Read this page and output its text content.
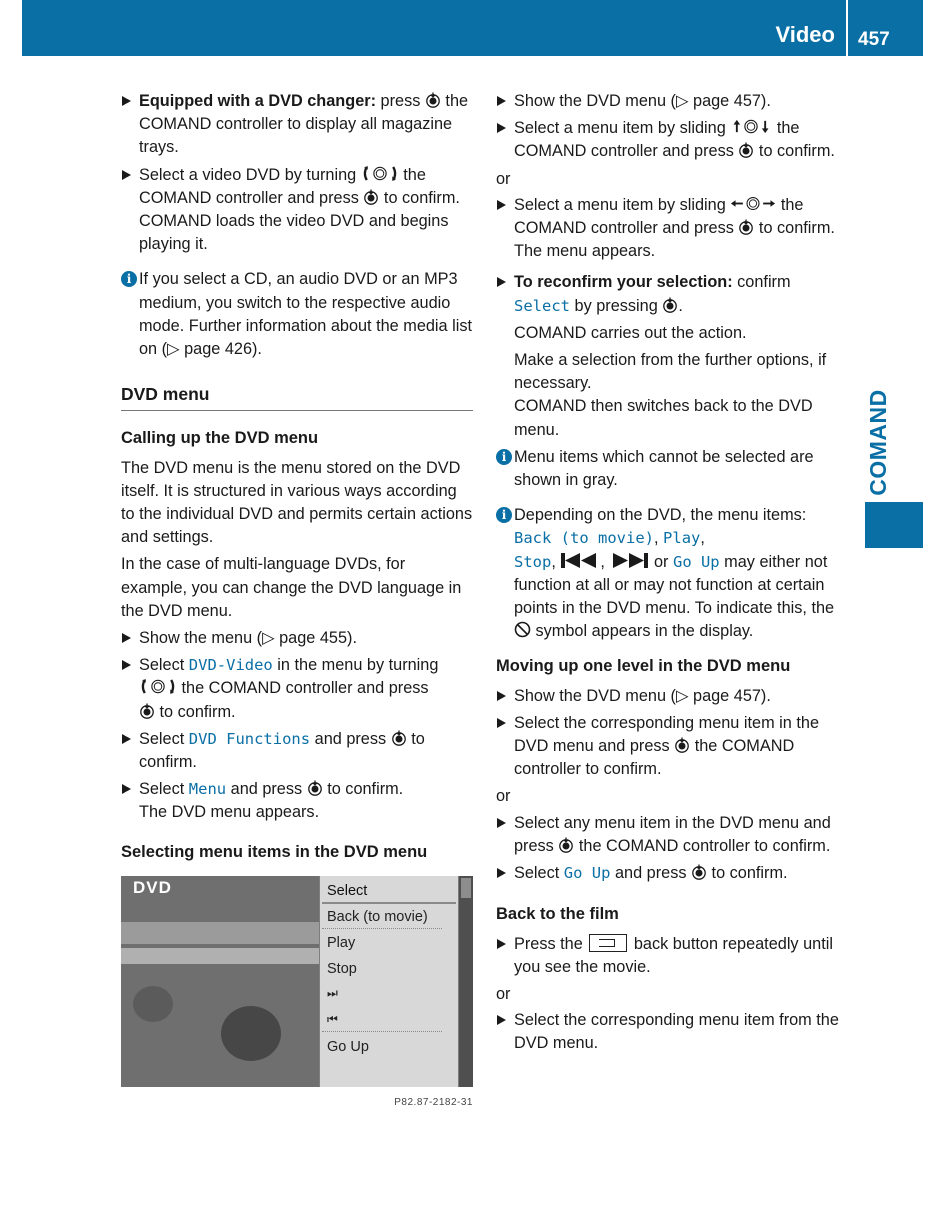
Video 457
COMAND

Equipped with a DVD changer: press  the COMAND controller to display all magazine trays.

Select a video DVD by turning  the COMAND controller and press  to confirm.

COMAND loads the video DVD and begins playing it.

i If you select a CD, an audio DVD or an MP3 medium, you switch to the respective audio mode. Further information about the media list on (▷ page 426).

DVD menu
Calling up the DVD menu

The DVD menu is the menu stored on the DVD itself. It is structured in various ways according to the individual DVD and permits certain actions and settings.

In the case of multi-language DVDs, for example, you can change the DVD language in the DVD menu.

Show the menu (▷ page 455).

Select DVD-Video in the menu by turning
the COMAND controller and press
to confirm.

Select DVD Functions and press  to confirm.

Select Menu and press  to confirm.

The DVD menu appears.

Selecting menu items in the DVD menu
DVD	Select
Back (to movie)
Play
Stop
⏭
⏮
Go Up
P82.87-2182-31

Show the DVD menu (▷ page 457).

Select a menu item by sliding	the COMAND controller and press  to confirm.

or

Select a menu item by sliding	the COMAND controller and press  to confirm.

The menu appears.

To reconfirm your selection: confirm Select by pressing .

COMAND carries out the action.

Make a selection from the further options, if necessary.

COMAND then switches back to the DVD menu.

i Menu items which cannot be selected are shown in gray.

i Depending on the DVD, the menu items: Back (to movie), Play,
Stop, ,  or Go Up may either not function at all or may not function at certain points in the DVD menu. To indicate this, the  symbol appears in the display.

Moving up one level in the DVD menu

Show the DVD menu (▷ page 457).

Select the corresponding menu item in the DVD menu and press  the COMAND controller to confirm.

or

Select any menu item in the DVD menu and press  the COMAND controller to confirm.

Select Go Up and press  to confirm.

Back to the film

Press the	back button repeatedly until you see the movie.

or

Select the corresponding menu item from the DVD menu.
